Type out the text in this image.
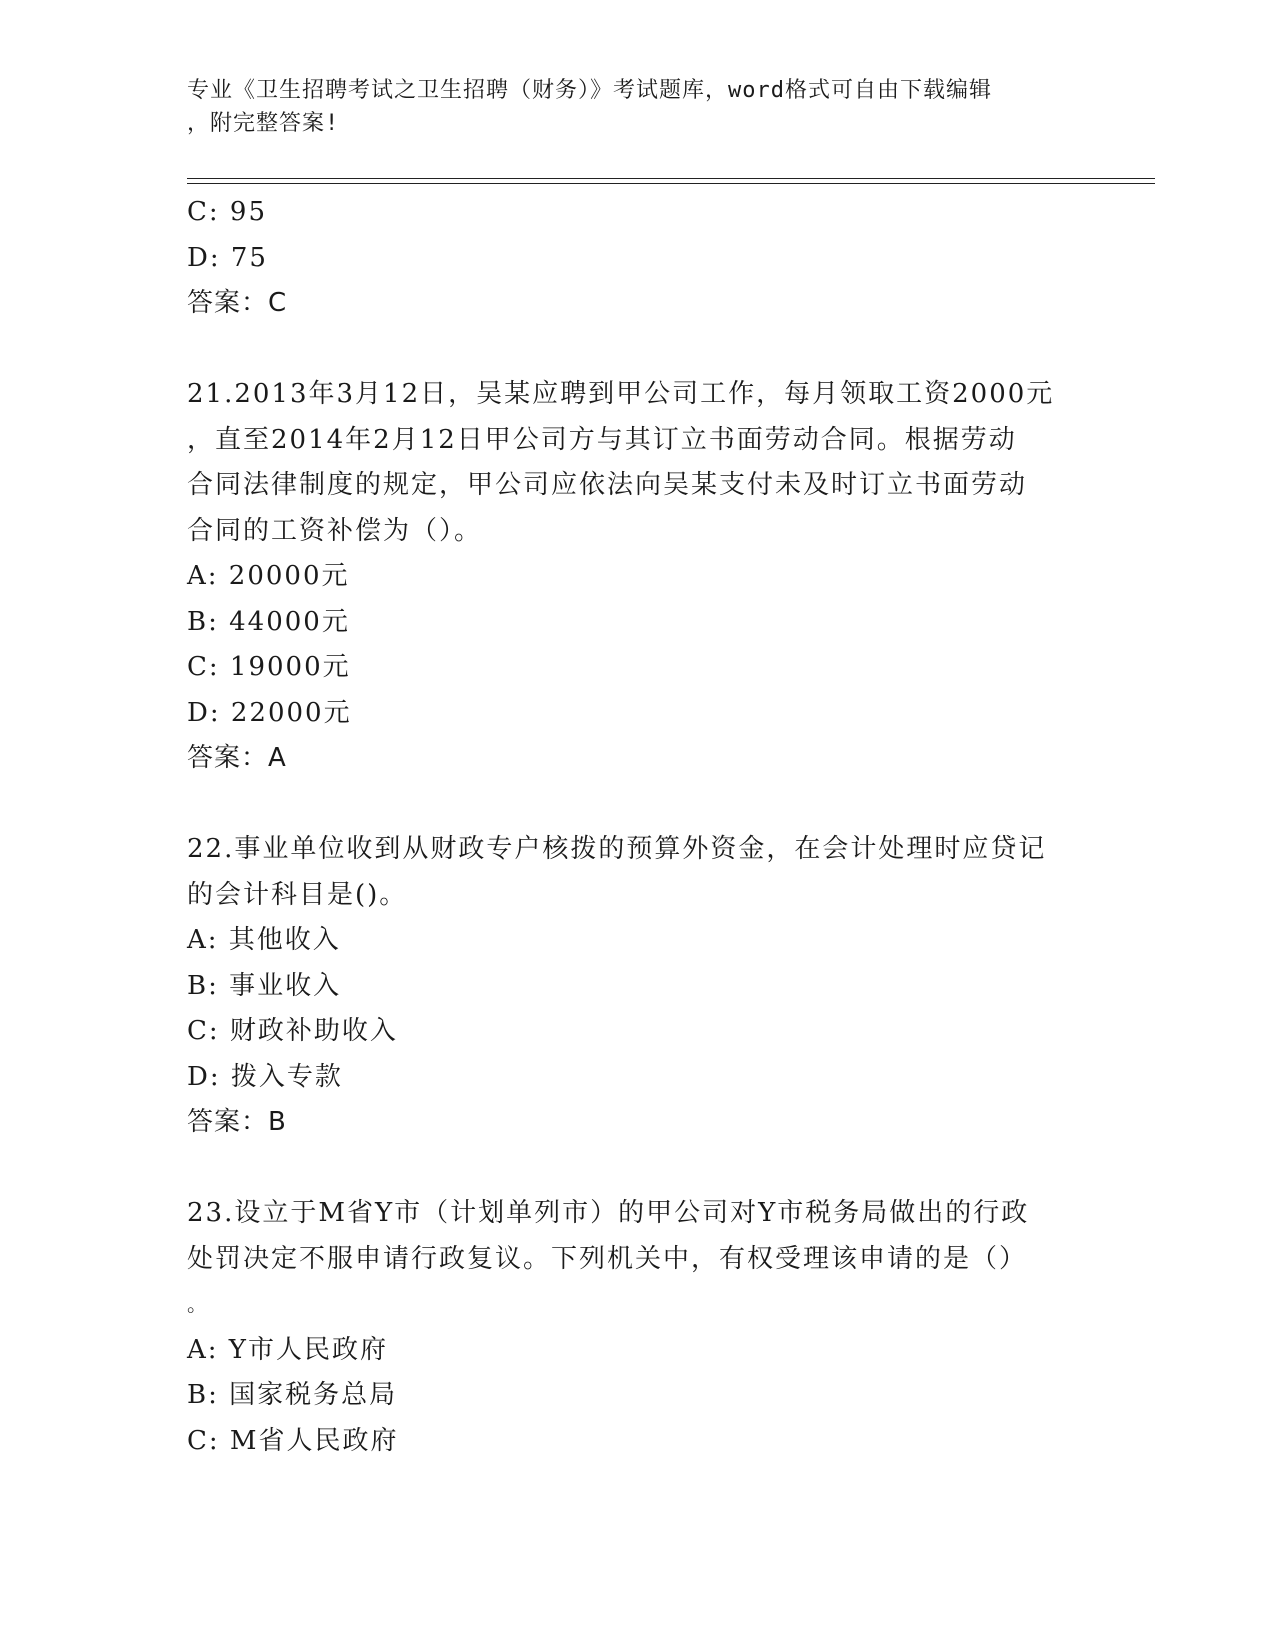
专业《卫生招聘考试之卫生招聘（财务）》考试题库，word格式可自由下载编辑
，附完整答案!
C: 95
D: 75
答案：C
21.2013年3月12日，吴某应聘到甲公司工作，每月领取工资2000元
，直至2014年2月12日甲公司方与其订立书面劳动合同。根据劳动
合同法律制度的规定，甲公司应依法向吴某支付未及时订立书面劳动
合同的工资补偿为（）。
A: 20000元
B: 44000元
C: 19000元
D: 22000元
答案：A
22.事业单位收到从财政专户核拨的预算外资金，在会计处理时应贷记
的会计科目是()。
A: 其他收入
B: 事业收入
C: 财政补助收入
D: 拨入专款
答案：B
23.设立于M省Y市（计划单列市）的甲公司对Y市税务局做出的行政
处罚决定不服申请行政复议。下列机关中，有权受理该申请的是（）
。
A: Y市人民政府
B: 国家税务总局
C: M省人民政府
